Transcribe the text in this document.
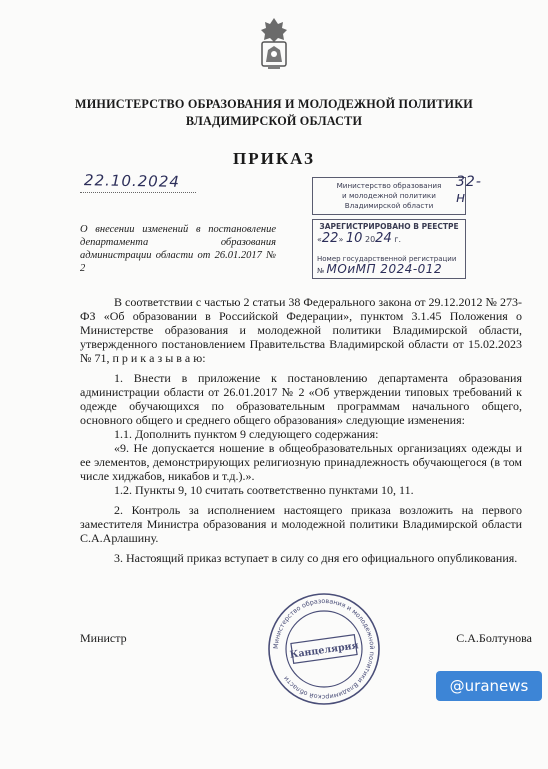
МИНИСТЕРСТВО ОБРАЗОВАНИЯ И МОЛОДЕЖНОЙ ПОЛИТИКИ
ВЛАДИМИРСКОЙ ОБЛАСТИ
ПРИКАЗ
22.10.2024	Министерство образования
и молодежной политики
Владимирской области
32-н
ЗАРЕГИСТРИРОВАНО В РЕЕСТРЕ
«22» 10 2024 г.
Номер государственной регистрации
№ МОиМП 2024-012
О внесении изменений в постановление департамента образования администрации области от 26.01.2017 № 2

В соответствии с частью 2 статьи 38 Федерального закона от 29.12.2012 № 273-ФЗ «Об образовании в Российской Федерации», пунктом 3.1.45 Положения о Министерстве образования и молодежной политики Владимирской области, утвержденного постановлением Правительства Владимирской области от 15.02.2023 № 71, п р и к а з ы в а ю:

1. Внести в приложение к постановлению департамента образования администрации области от 26.01.2017 № 2 «Об утверждении типовых требований к одежде обучающихся по образовательным программам начального общего, основного общего и среднего общего образования» следующие изменения:

1.1. Дополнить пунктом 9 следующего содержания:

«9. Не допускается ношение в общеобразовательных организациях одежды и ее элементов, демонстрирующих религиозную принадлежность обучающегося (в том числе хиджабов, никабов и т.д.).».

1.2. Пункты 9, 10 считать соответственно пунктами 10, 11.

2. Контроль за исполнением настоящего приказа возложить на первого заместителя Министра образования и молодежной политики Владимирской области С.А.Арлашину.

3. Настоящий приказ вступает в силу со дня его официального опубликования.

Министр	С.А.Болтунова
Министерство образования и молодежной политики Владимирской области
Канцелярия
@uranews
